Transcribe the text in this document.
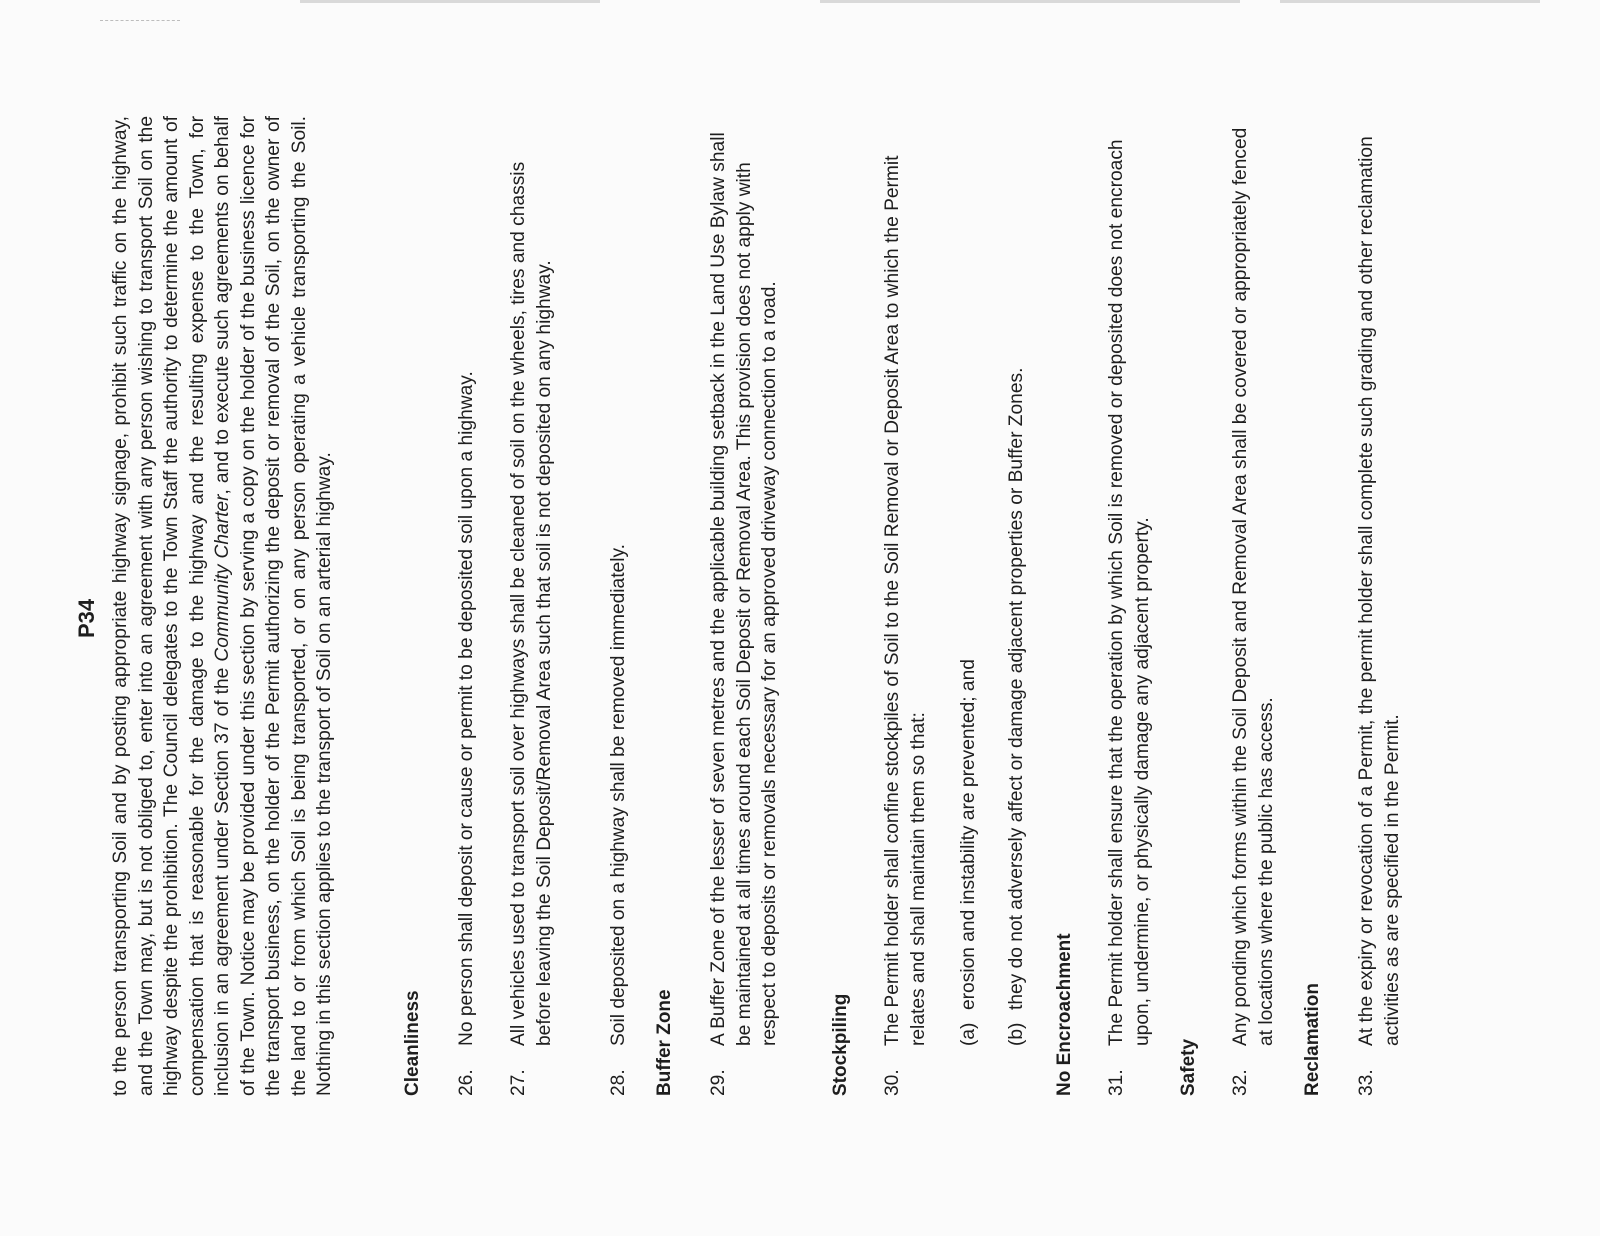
P34 to the person transporting Soil and by posting appropriate highway signage, prohibit such traffic on the highway, and the Town may, but is not obliged to, enter into an agreement with any person wishing to transport Soil on the highway despite the prohibition. The Council delegates to the Town Staff the authority to determine the amount of compensation that is reasonable for the damage to the highway and the resulting expense to the Town, for inclusion in an agreement under Section 37 of the Community Charter, and to execute such agreements on behalf of the Town. Notice may be provided under this section by serving a copy on the holder of the business licence for the transport business, on the holder of the Permit authorizing the deposit or removal of the Soil, on the owner of the land to or from which Soil is being transported, or on any person operating a vehicle transporting the Soil. Nothing in this section applies to the transport of Soil on an arterial highway.	Cleanliness 26.
No person shall deposit or cause or permit to be deposited soil upon a highway.
27.
All vehicles used to transport soil over highways shall be cleaned of soil on the wheels, tires and chassis before leaving the Soil Deposit/Removal Area such that soil is not deposited on any highway.
28.
Soil deposited on a highway shall be removed immediately. Buffer Zone 29.
A Buffer Zone of the lesser of seven metres and the applicable building setback in the Land Use Bylaw shall be maintained at all times around each Soil Deposit or Removal Area. This provision does not apply with respect to deposits or removals necessary for an approved driveway connection to a road.	Stockpiling 30.
The Permit holder shall confine stockpiles of Soil to the Soil Removal or Deposit Area to which the Permit relates and shall maintain them so that: (a)erosion and instability are prevented; and
(b)they do not adversely affect or damage adjacent properties or Buffer Zones.
No Encroachment 31.
The Permit holder shall ensure that the operation by which Soil is removed or deposited does not encroach upon, undermine, or physically damage any adjacent property.
Safety 32.
Any ponding which forms within the Soil Deposit and Removal Area shall be covered or appropriately fenced at locations where the public has access. Reclamation 33.
At the expiry or revocation of a Permit, the permit holder shall complete such grading and other reclamation activities as are specified in the Permit.
